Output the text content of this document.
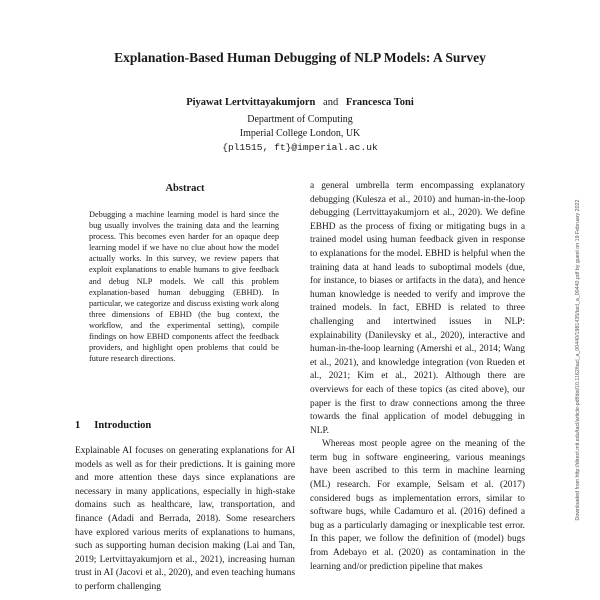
Explanation-Based Human Debugging of NLP Models: A Survey
Piyawat Lertvittayakumjorn and Francesca Toni
Department of Computing
Imperial College London, UK
{pl1515, ft}@imperial.ac.uk
Abstract

Debugging a machine learning model is hard since the bug usually involves the training data and the learning process. This becomes even harder for an opaque deep learning model if we have no clue about how the model actually works. In this survey, we review papers that exploit explanations to enable humans to give feedback and debug NLP models. We call this problem explanation-based human debugging (EBHD). In particular, we categorize and discuss existing work along three dimensions of EBHD (the bug context, the workflow, and the experimental setting), compile findings on how EBHD components affect the feedback providers, and highlight open problems that could be future research directions.

1 Introduction

Explainable AI focuses on generating explanations for AI models as well as for their predictions. It is gaining more and more attention these days since explanations are necessary in many applications, especially in high-stake domains such as healthcare, law, transportation, and finance (Adadi and Berrada, 2018). Some researchers have explored various merits of explanations to humans, such as supporting human decision making (Lai and Tan, 2019; Lertvittayakumjorn et al., 2021), increasing human trust in AI (Jacovi et al., 2020), and even teaching humans to perform challenging

a general umbrella term encompassing explanatory debugging (Kulesza et al., 2010) and human-in-the-loop debugging (Lertvittayakumjorn et al., 2020). We define EBHD as the process of fixing or mitigating bugs in a trained model using human feedback given in response to explanations for the model. EBHD is helpful when the training data at hand leads to suboptimal models (due, for instance, to biases or artifacts in the data), and hence human knowledge is needed to verify and improve the trained models. In fact, EBHD is related to three challenging and intertwined issues in NLP: explainability (Danilevsky et al., 2020), interactive and human-in-the-loop learning (Amershi et al., 2014; Wang et al., 2021), and knowledge integration (von Rueden et al., 2021; Kim et al., 2021). Although there are overviews for each of these topics (as cited above), our paper is the first to draw connections among the three towards the final application of model debugging in NLP.

Whereas most people agree on the meaning of the term bug in software engineering, various meanings have been ascribed to this term in machine learning (ML) research. For example, Selsam et al. (2017) considered bugs as implementation errors, similar to software bugs, while Cadamuro et al. (2016) defined a bug as a particularly damaging or inexplicable test error. In this paper, we follow the definition of (model) bugs from Adebayo et al. (2020) as contamination in the learning and/or prediction pipeline that makes

Downloaded from http://direct.mit.edu/tacl/article-pdf/doi/10.1162/tacl_a_00440/1981435/tacl_a_00440.pdf by guest on 19 February 2022
